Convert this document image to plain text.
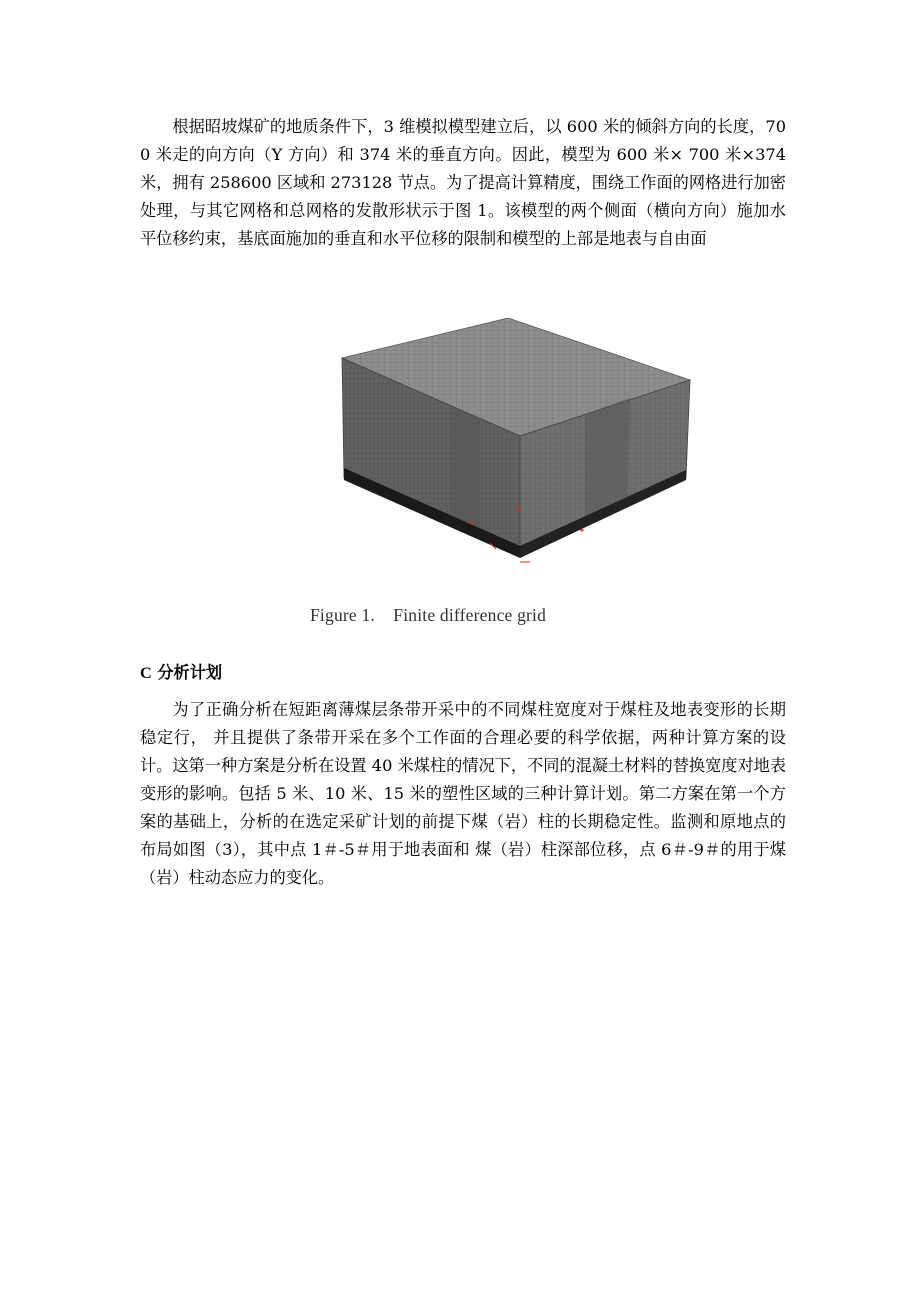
根据昭坡煤矿的地质条件下，3 维模拟模型建立后，以 600 米的倾斜方向的长度，700 米走的向方向（Y 方向）和 374 米的垂直方向。因此，模型为 600 米× 700 米×374 米，拥有 258600 区域和 273128 节点。为了提高计算精度，围绕工作面的网格进行加密处理，与其它网格和总网格的发散形状示于图 1。该模型的两个侧面（横向方向）施加水平位移约束，基底面施加的垂直和水平位移的限制和模型的上部是地表与自由面

Figure 1.    Finite difference grid

C 分析计划

为了正确分析在短距离薄煤层条带开采中的不同煤柱宽度对于煤柱及地表变形的长期稳定行， 并且提供了条带开采在多个工作面的合理必要的科学依据，两种计算方案的设计。这第一种方案是分析在设置 40 米煤柱的情况下，不同的混凝土材料的替换宽度对地表变形的影响。包括 5 米、10 米、15 米的塑性区域的三种计算计划。第二方案在第一个方案的基础上，分析的在选定采矿计划的前提下煤（岩）柱的长期稳定性。监测和原地点的布局如图（3），其中点 1＃-5＃用于地表面和 煤（岩）柱深部位移，点 6＃-9＃的用于煤（岩）柱动态应力的变化。
